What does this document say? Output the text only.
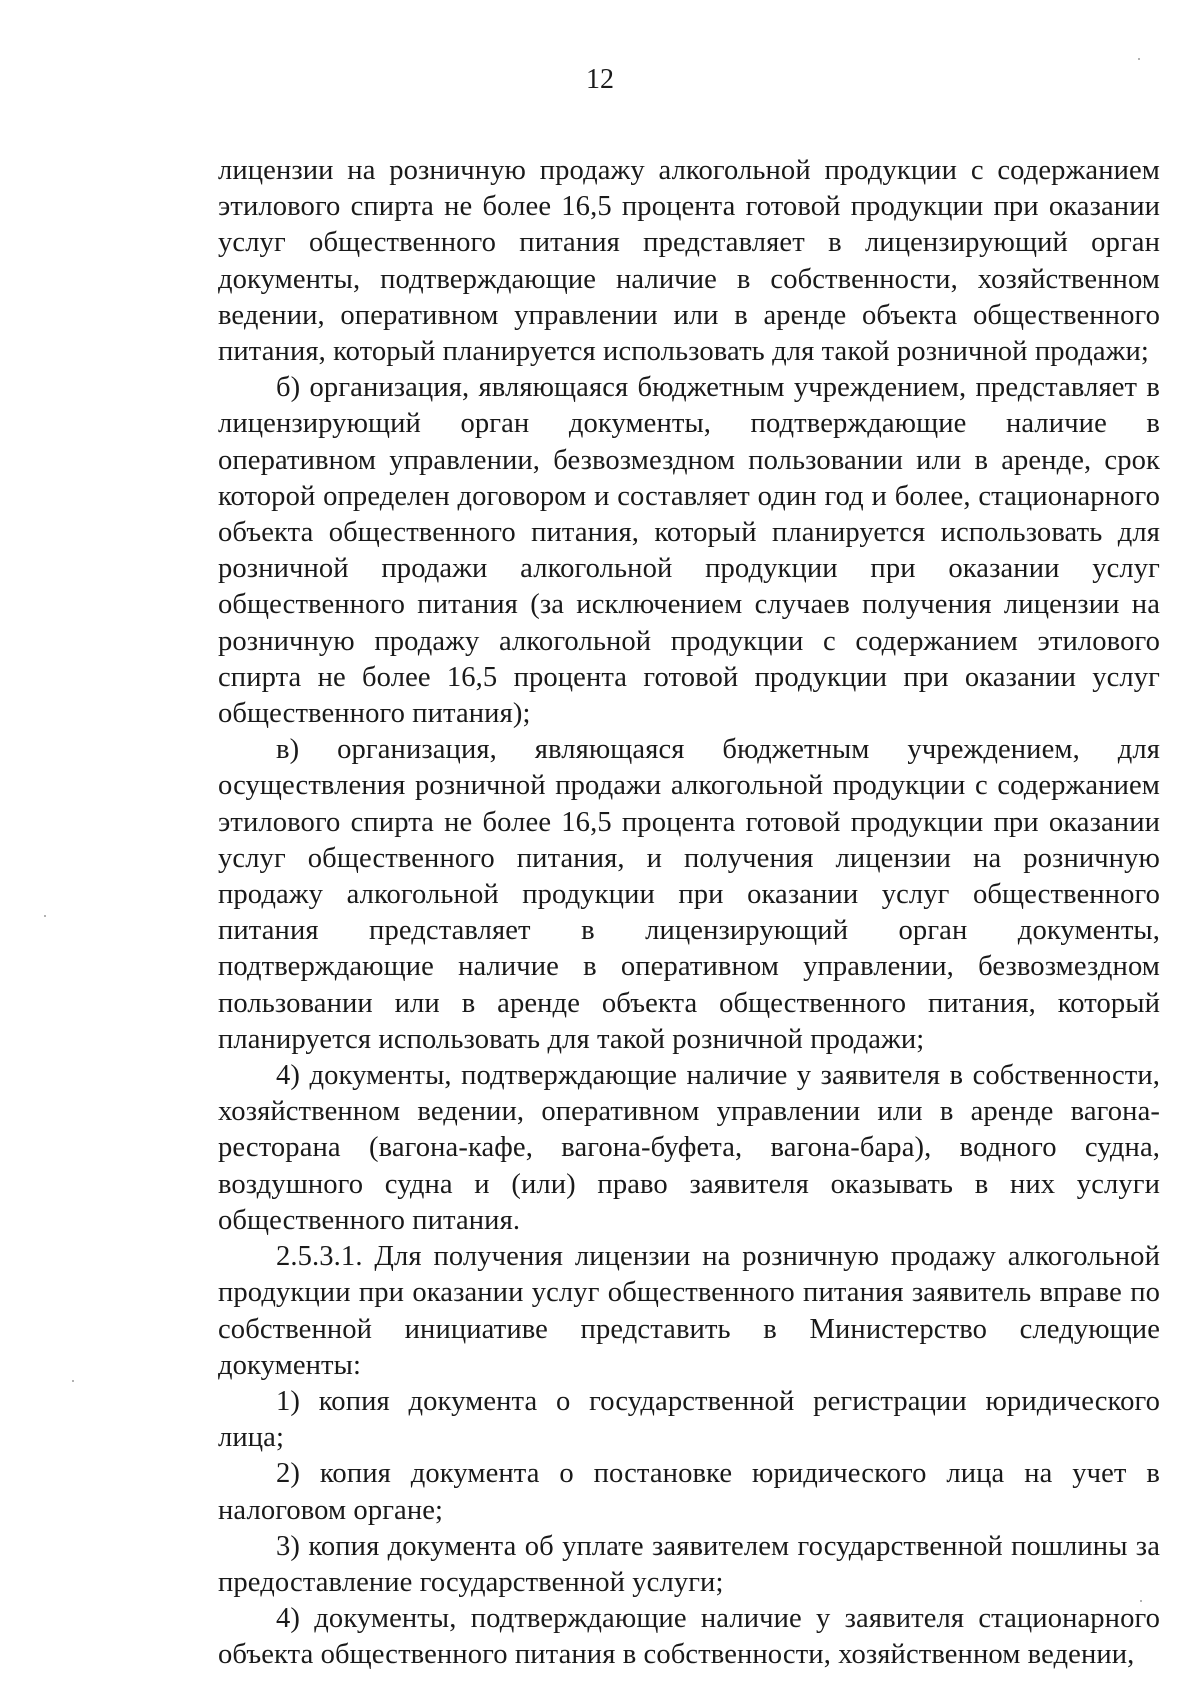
12

лицензии на розничную продажу алкогольной продукции с содержанием этилового спирта не более 16,5 процента готовой продукции при оказании услуг общественного питания представляет в лицензирующий орган документы, подтверждающие наличие в собственности, хозяйственном ведении, оперативном управлении или в аренде объекта общественного питания, который планируется использовать для такой розничной продажи;

б) организация, являющаяся бюджетным учреждением, представляет в лицензирующий орган документы, подтверждающие наличие в оперативном управлении, безвозмездном пользовании или в аренде, срок которой определен договором и составляет один год и более, стационарного объекта общественного питания, который планируется использовать для розничной продажи алкогольной продукции при оказании услуг общественного питания (за исключением случаев получения лицензии на розничную продажу алкогольной продукции с содержанием этилового спирта не более 16,5 процента готовой продукции при оказании услуг общественного питания);

в) организация, являющаяся бюджетным учреждением, для осуществления розничной продажи алкогольной продукции с содержанием этилового спирта не более 16,5 процента готовой продукции при оказании услуг общественного питания, и получения лицензии на розничную продажу алкогольной продукции при оказании услуг общественного питания представляет в лицензирующий орган документы, подтверждающие наличие в оперативном управлении, безвозмездном пользовании или в аренде объекта общественного питания, который планируется использовать для такой розничной продажи;

4) документы, подтверждающие наличие у заявителя в собственности, хозяйственном ведении, оперативном управлении или в аренде вагона-ресторана (вагона-кафе, вагона-буфета, вагона-бара), водного судна, воздушного судна и (или) право заявителя оказывать в них услуги общественного питания.

2.5.3.1. Для получения лицензии на розничную продажу алкогольной продукции при оказании услуг общественного питания заявитель вправе по собственной инициативе представить в Министерство следующие документы:

1) копия документа о государственной регистрации юридического лица;

2) копия документа о постановке юридического лица на учет в налоговом органе;

3) копия документа об уплате заявителем государственной пошлины за предоставление государственной услуги;

4) документы, подтверждающие наличие у заявителя стационарного объекта общественного питания в собственности, хозяйственном ведении,
